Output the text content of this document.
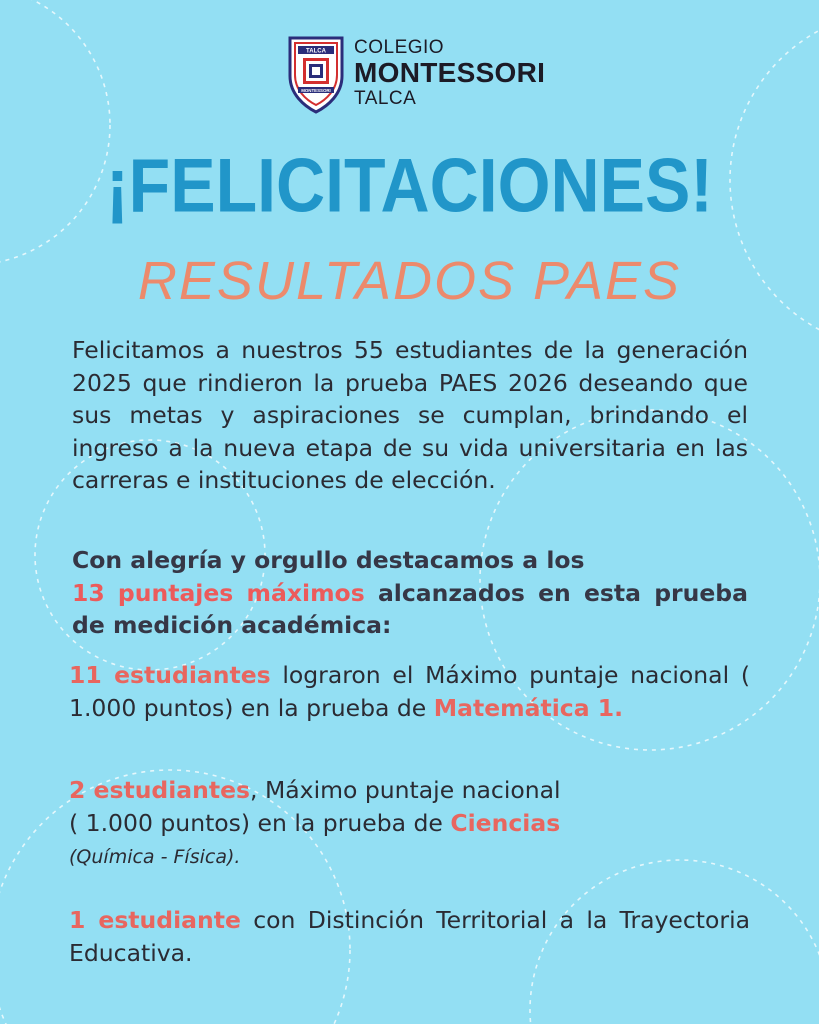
TALCA
MONTESSORI
COLEGIO
MONTESSORI
TALCA
¡FELICITACIONES!
RESULTADOS PAES
Felicitamos a nuestros 55 estudiantes de la generación 2025 que rindieron la prueba PAES 2026 deseando que sus metas y aspiraciones se cumplan, brindando el ingreso a la nueva etapa de su vida universitaria en las carreras e instituciones de elección.
Con alegría y orgullo destacamos a los
13 puntajes máximos alcanzados en esta prueba de medición académica:
11 estudiantes lograron el Máximo puntaje nacional ( 1.000 puntos) en la prueba de Matemática 1.
2 estudiantes, Máximo puntaje nacional
( 1.000 puntos) en la prueba de Ciencias
(Química - Física).
1 estudiante con Distinción Territorial a la Trayectoria Educativa.
